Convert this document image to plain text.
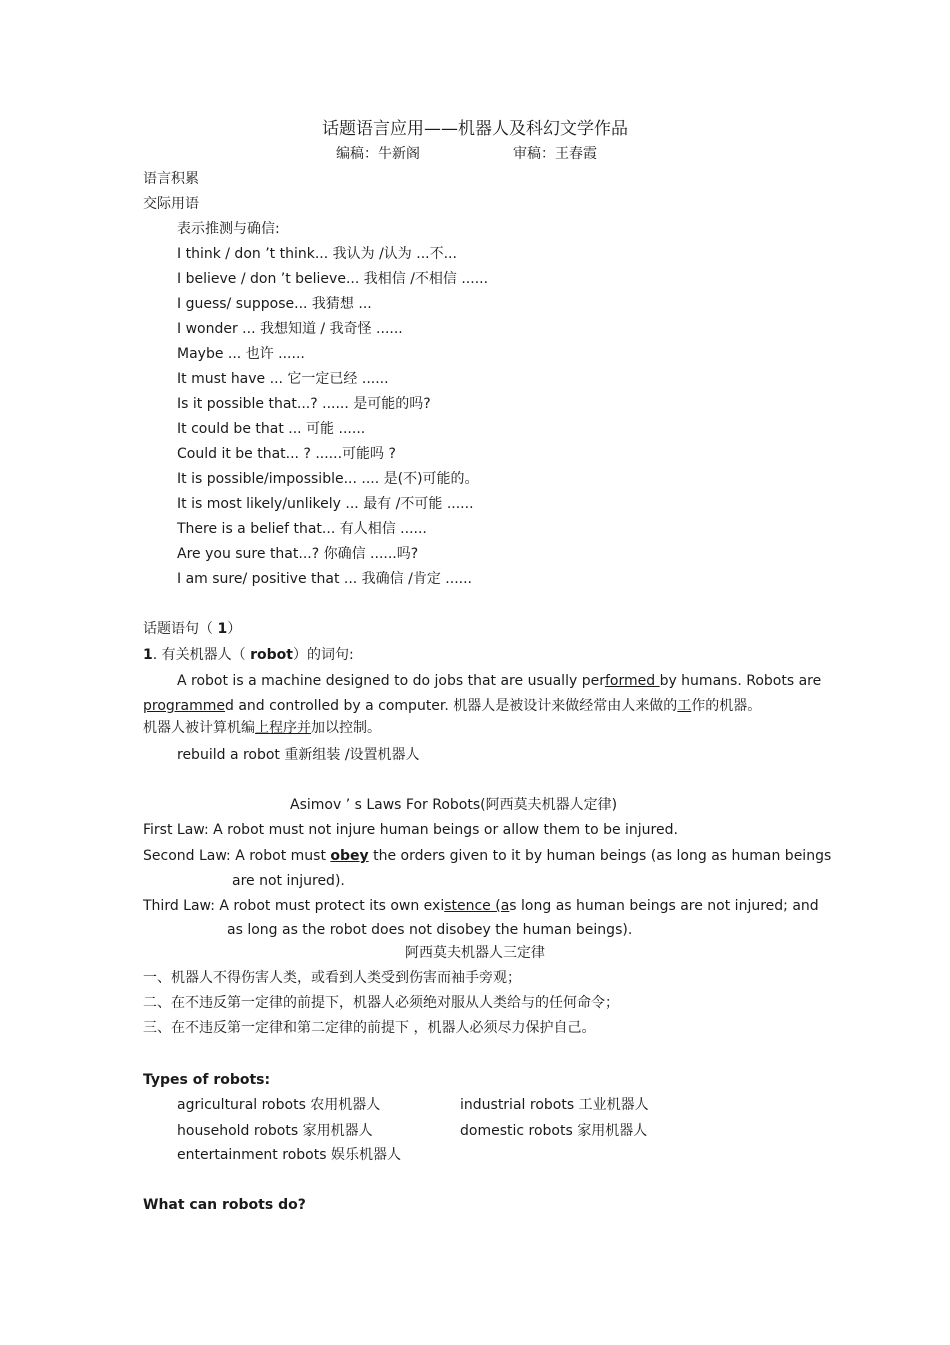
话题语言应用——机器人及科幻文学作品
编稿：牛新阁	审稿：王春霞
语言积累
交际用语
表示推测与确信:
I think / don ’t think... 我认为 /认为 ...不...
I believe / don ’t believe... 我相信 /不相信 ......
I guess/ suppose... 我猜想 ...
I wonder ... 我想知道 / 我奇怪 ......
Maybe ... 也许 ......
It must have ... 它一定已经 ......
Is it possible that...? ...... 是可能的吗?
It could be that ... 可能 ......
Could it be that... ? ......可能吗 ?
It is possible/impossible... .... 是(不)可能的。
It is most likely/unlikely ... 最有 /不可能 ......
There is a belief that... 有人相信 ......
Are you sure that...? 你确信 ......吗?
I am sure/ positive that ... 我确信 /肯定 ......
话题语句（ 1）
1. 有关机器人（ robot）的词句:
A robot is a machine designed to do jobs that are usually performed by humans. Robots are
programmed and controlled by a computer. 机器人是被设计来做经常由人来做的工作的机器。
机器人被计算机编上程序并加以控制。
rebuild a robot 重新组装 /设置机器人
Asimov ’ s Laws For Robots(阿西莫夫机器人定律)
First Law: A robot must not injure human beings or allow them to be injured.
Second Law: A robot must obey the orders given to it by human beings (as long as human beings
are not injured).
Third Law: A robot must protect its own existence (as long as human beings are not injured; and
as long as the robot does not disobey the human beings).
阿西莫夫机器人三定律
一、机器人不得伤害人类，或看到人类受到伤害而袖手旁观；
二、在不违反第一定律的前提下，机器人必须绝对服从人类给与的任何命令；
三、在不违反第一定律和第二定律的前提下 ，机器人必须尽力保护自己。
Types of robots:
agricultural robots 农用机器人	industrial robots 工业机器人
household robots 家用机器人	domestic robots 家用机器人
entertainment robots 娱乐机器人
What can robots do?
